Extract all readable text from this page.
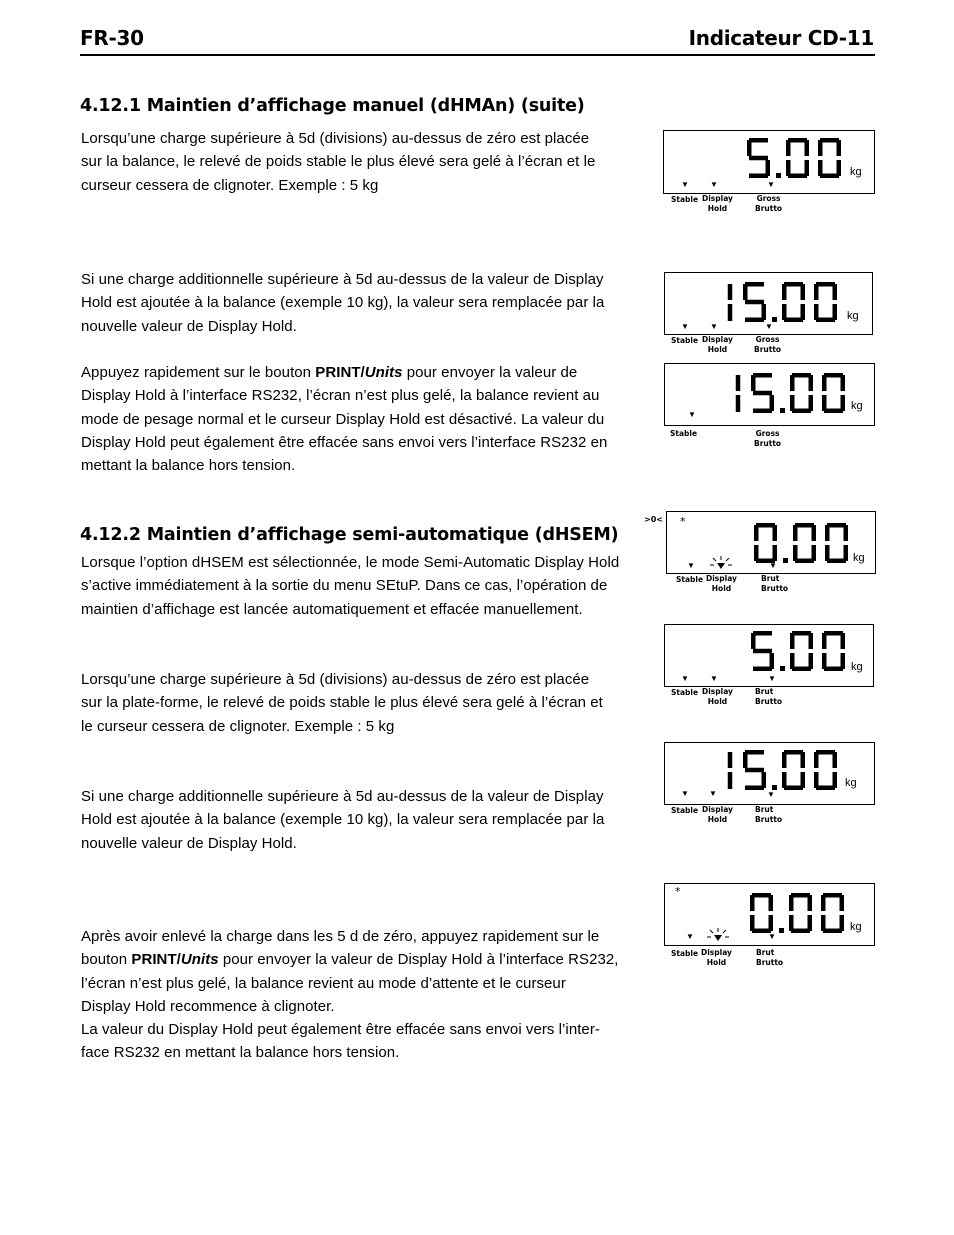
FR-30	Indicateur CD-11
4.12.1 Maintien d’affichage manuel (dHMAn) (suite)
Lorsqu’une charge supérieure à 5d (divisions) au-dessus de zéro est placée
sur la balance, le relevé de poids stable le plus élevé sera gelé à l’écran et le
curseur cessera de clignoter. Exemple : 5 kg
Si une charge additionnelle supérieure à 5d au-dessus de la valeur de Display
Hold est ajoutée à la balance (exemple 10 kg), la valeur sera remplacée par la
nouvelle valeur de Display Hold.
Appuyez rapidement sur le bouton PRINT/Units pour envoyer la valeur de
Display Hold à l’interface RS232, l’écran n’est plus gelé, la balance revient au
mode de pesage normal et le curseur Display Hold est désactivé. La valeur du
Display Hold peut également être effacée sans envoi vers l’interface RS232 en
mettant la balance hors tension.
4.12.2 Maintien d’affichage semi-automatique (dHSEM)
Lorsque l’option dHSEM est sélectionnée, le mode Semi-Automatic Display Hold
s’active immédiatement à la sortie du menu SEtuP. Dans ce cas, l’opération de
maintien d’affichage est lancée automatiquement et effacée manuellement.
Lorsqu’une charge supérieure à 5d (divisions) au-dessus de zéro est placée
sur la plate-forme, le relevé de poids stable le plus élevé sera gelé à l’écran et
le curseur cessera de clignoter. Exemple : 5 kg
Si une charge additionnelle supérieure à 5d au-dessus de la valeur de Display
Hold est ajoutée à la balance (exemple 10 kg), la valeur sera remplacée par la
nouvelle valeur de Display Hold.
Après avoir enlevé la charge dans les 5 d de zéro, appuyez rapidement sur le
bouton PRINT/Units pour envoyer la valeur de Display Hold à l’interface RS232,
l’écran n’est plus gelé, la balance revient au mode d’attente et le curseur
Display Hold recommence à clignoter.
La valeur du Display Hold peut également être effacée sans envoi vers l’inter-
face RS232 en mettant la balance hors tension.
kg
▼	▼	▼
Stable Display
Hold
Gross
Brutto
kg
▼	▼	▼
Stable Display
Hold
Gross
Brutto
kg
▼
Stable	Gross
Brutto
>0< *
kg
▼	▼
Stable Display
Hold
Brut
Brutto
kg
▼	▼	▼
Stable Display
Hold
Brut
Brutto
kg
▼	▼	▼
Stable Display
Hold
Brut
Brutto
*
kg
▼	▼
Stable Display
Hold
Brut
Brutto
